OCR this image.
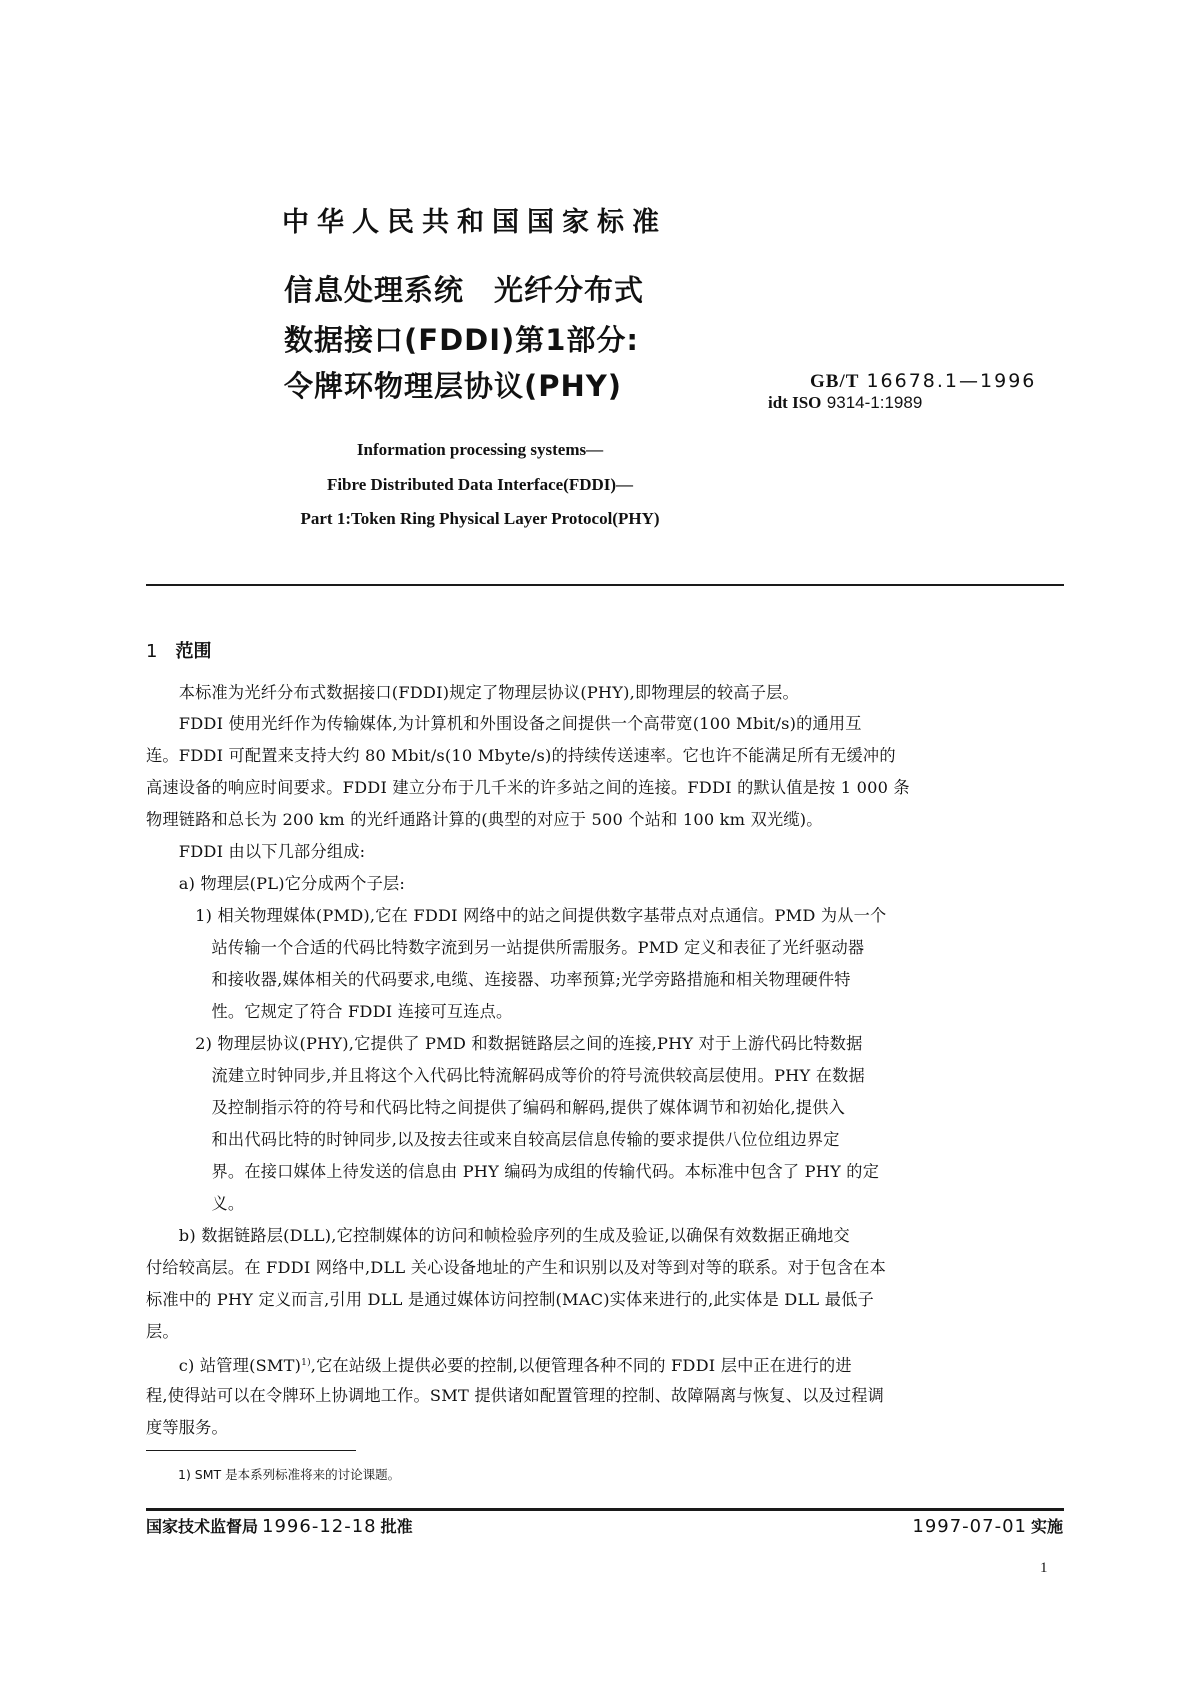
中华人民共和国国家标准
信息处理系统　光纤分布式
数据接口(FDDI)第1部分:
令牌环物理层协议(PHY)	GB/T 16678.1—1996
idt ISO 9314-1:1989
Information processing systems—
Fibre Distributed Data Interface(FDDI)—
Part 1:Token Ring Physical Layer Protocol(PHY)
1 范围
　　本标准为光纤分布式数据接口(FDDI)规定了物理层协议(PHY),即物理层的较高子层。
　　FDDI 使用光纤作为传输媒体,为计算机和外围设备之间提供一个高带宽(100 Mbit/s)的通用互
连。FDDI 可配置来支持大约 80 Mbit/s(10 Mbyte/s)的持续传送速率。它也许不能满足所有无缓冲的
高速设备的响应时间要求。FDDI 建立分布于几千米的许多站之间的连接。FDDI 的默认值是按 1 000 条
物理链路和总长为 200 km 的光纤通路计算的(典型的对应于 500 个站和 100 km 双光缆)。
　　FDDI 由以下几部分组成:
　　a) 物理层(PL)它分成两个子层:
　　　1) 相关物理媒体(PMD),它在 FDDI 网络中的站之间提供数字基带点对点通信。PMD 为从一个
　　　　站传输一个合适的代码比特数字流到另一站提供所需服务。PMD 定义和表征了光纤驱动器
　　　　和接收器,媒体相关的代码要求,电缆、连接器、功率预算;光学旁路措施和相关物理硬件特
　　　　性。它规定了符合 FDDI 连接可互连点。
　　　2) 物理层协议(PHY),它提供了 PMD 和数据链路层之间的连接,PHY 对于上游代码比特数据
　　　　流建立时钟同步,并且将这个入代码比特流解码成等价的符号流供较高层使用。PHY 在数据
　　　　及控制指示符的符号和代码比特之间提供了编码和解码,提供了媒体调节和初始化,提供入
　　　　和出代码比特的时钟同步,以及按去往或来自较高层信息传输的要求提供八位位组边界定
　　　　界。在接口媒体上待发送的信息由 PHY 编码为成组的传输代码。本标准中包含了 PHY 的定
　　　　义。
　　b) 数据链路层(DLL),它控制媒体的访问和帧检验序列的生成及验证,以确保有效数据正确地交
付给较高层。在 FDDI 网络中,DLL 关心设备地址的产生和识别以及对等到对等的联系。对于包含在本
标准中的 PHY 定义而言,引用 DLL 是通过媒体访问控制(MAC)实体来进行的,此实体是 DLL 最低子
层。
　　c) 站管理(SMT)$^{1)}$,它在站级上提供必要的控制,以便管理各种不同的 FDDI 层中正在进行的进
程,使得站可以在令牌环上协调地工作。SMT 提供诸如配置管理的控制、故障隔离与恢复、以及过程调
度等服务。
1) SMT 是本系列标准将来的讨论课题。
国家技术监督局 1996-12-18 批准	1997-07-01 实施
1
